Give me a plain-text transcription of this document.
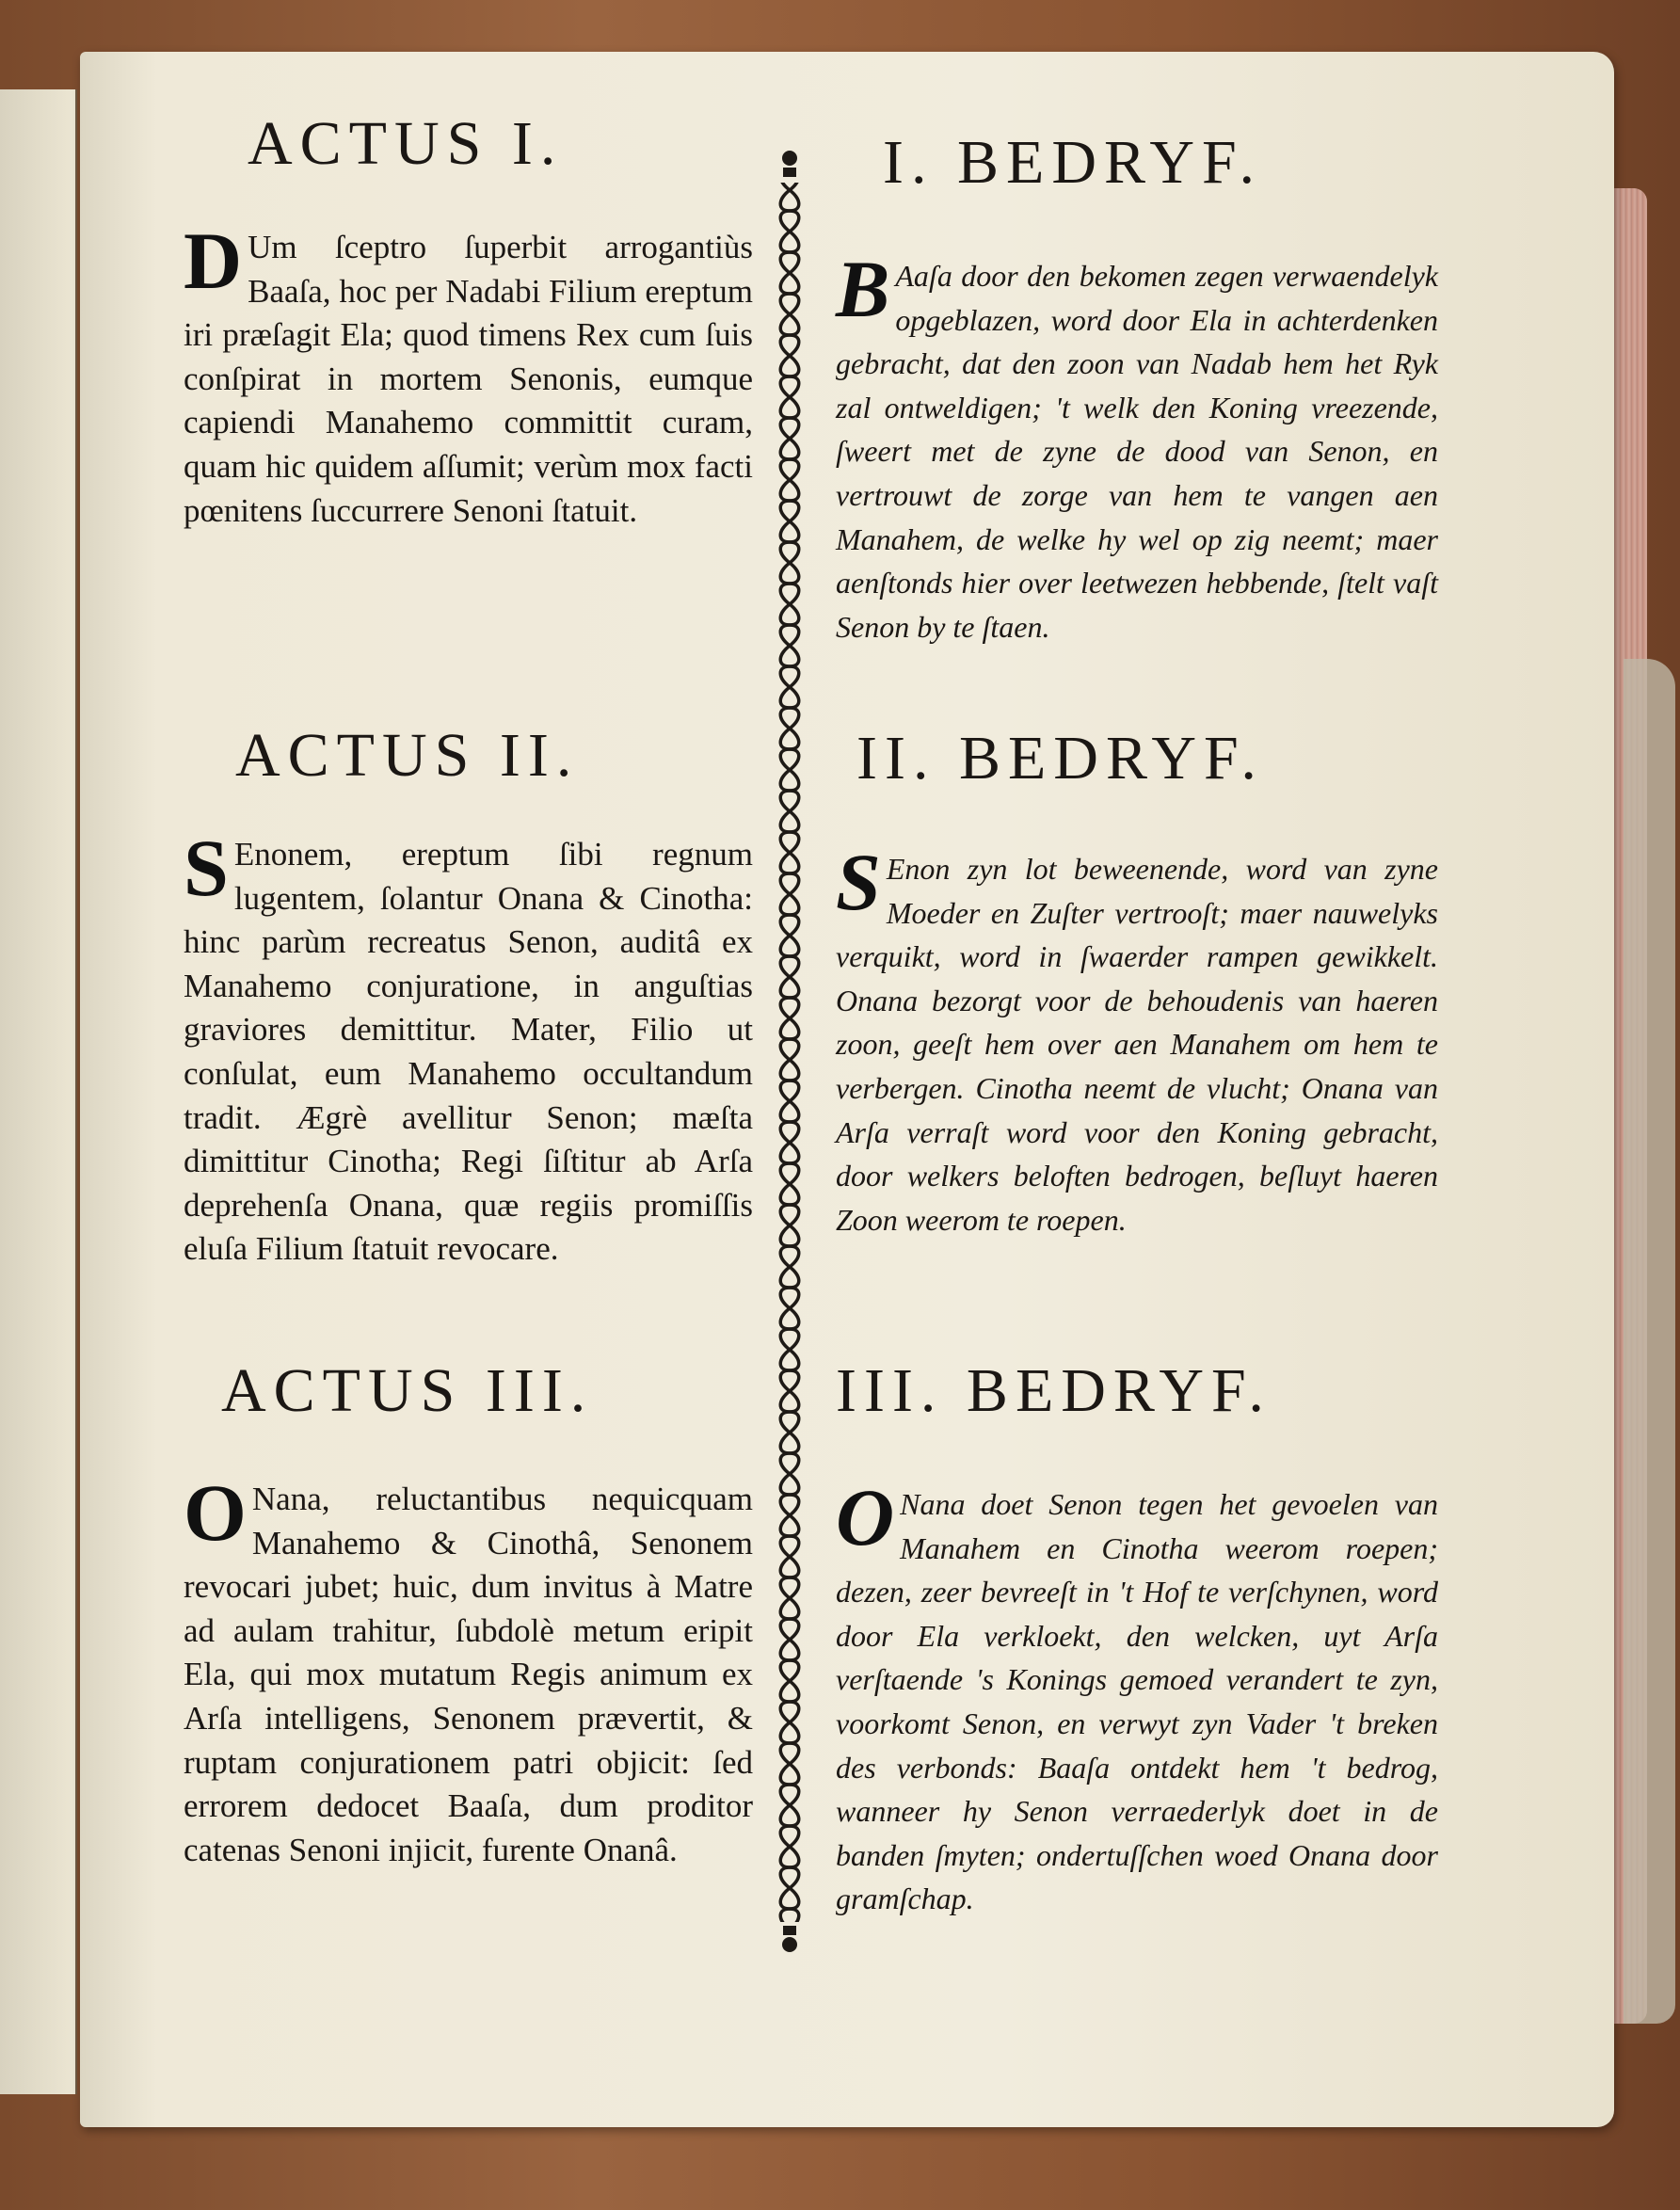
ACTUS I.

D Um ſceptro ſuperbit arrogantiùs Baaſa, hoc per Nadabi Filium ereptum iri præſagit Ela; quod timens Rex cum ſuis conſpirat in mortem Senonis, eumque capiendi Manahemo committit curam, quam hic quidem aſſumit; verùm mox facti pœnitens ſuccurrere Senoni ſtatuit.

ACTUS II.

S Enonem, ereptum ſibi regnum lugentem, ſolantur Onana & Cinotha: hinc parùm recreatus Senon, auditâ ex Manahemo conjuratione, in anguſtias graviores demittitur. Mater, Filio ut conſulat, eum Manahemo occultandum tradit. Ægrè avellitur Senon; mæſta dimittitur Cinotha; Regi ſiſtitur ab Arſa deprehenſa Onana, quæ regiis promiſſis eluſa Filium ſtatuit revocare.

ACTUS III.

O Nana, reluctantibus nequicquam Manahemo & Cinothâ, Senonem revocari jubet; huic, dum invitus à Matre ad aulam trahitur, ſubdolè metum eripit Ela, qui mox mutatum Regis animum ex Arſa intelligens, Senonem prævertit, & ruptam conjurationem patri objicit: ſed errorem dedocet Baaſa, dum proditor catenas Senoni injicit, furente Onanâ.

I. BEDRYF.

B Aaſa door den bekomen zegen verwaendelyk opgeblazen, word door Ela in achterdenken gebracht, dat den zoon van Nadab hem het Ryk zal ontweldigen; 't welk den Koning vreezende, ſweert met de zyne de dood van Senon, en vertrouwt de zorge van hem te vangen aen Manahem, de welke hy wel op zig neemt; maer aenſtonds hier over leetwezen hebbende, ſtelt vaſt Senon by te ſtaen.

II. BEDRYF.

S Enon zyn lot beweenende, word van zyne Moeder en Zuſter vertrooſt; maer nauwelyks verquikt, word in ſwaerder rampen gewikkelt. Onana bezorgt voor de behoudenis van haeren zoon, geeſt hem over aen Manahem om hem te verbergen. Cinotha neemt de vlucht; Onana van Arſa verraſt word voor den Koning gebracht, door welkers beloften bedrogen, beſluyt haeren Zoon weerom te roepen.

III. BEDRYF.

O Nana doet Senon tegen het gevoelen van Manahem en Cinotha weerom roepen; dezen, zeer bevreeſt in 't Hof te verſchynen, word door Ela verkloekt, den welcken, uyt Arſa verſtaende 's Konings gemoed verandert te zyn, voorkomt Senon, en verwyt zyn Vader 't breken des verbonds: Baaſa ontdekt hem 't bedrog, wanneer hy Senon verraederlyk doet in de banden ſmyten; ondertuſſchen woed Onana door gramſchap.
